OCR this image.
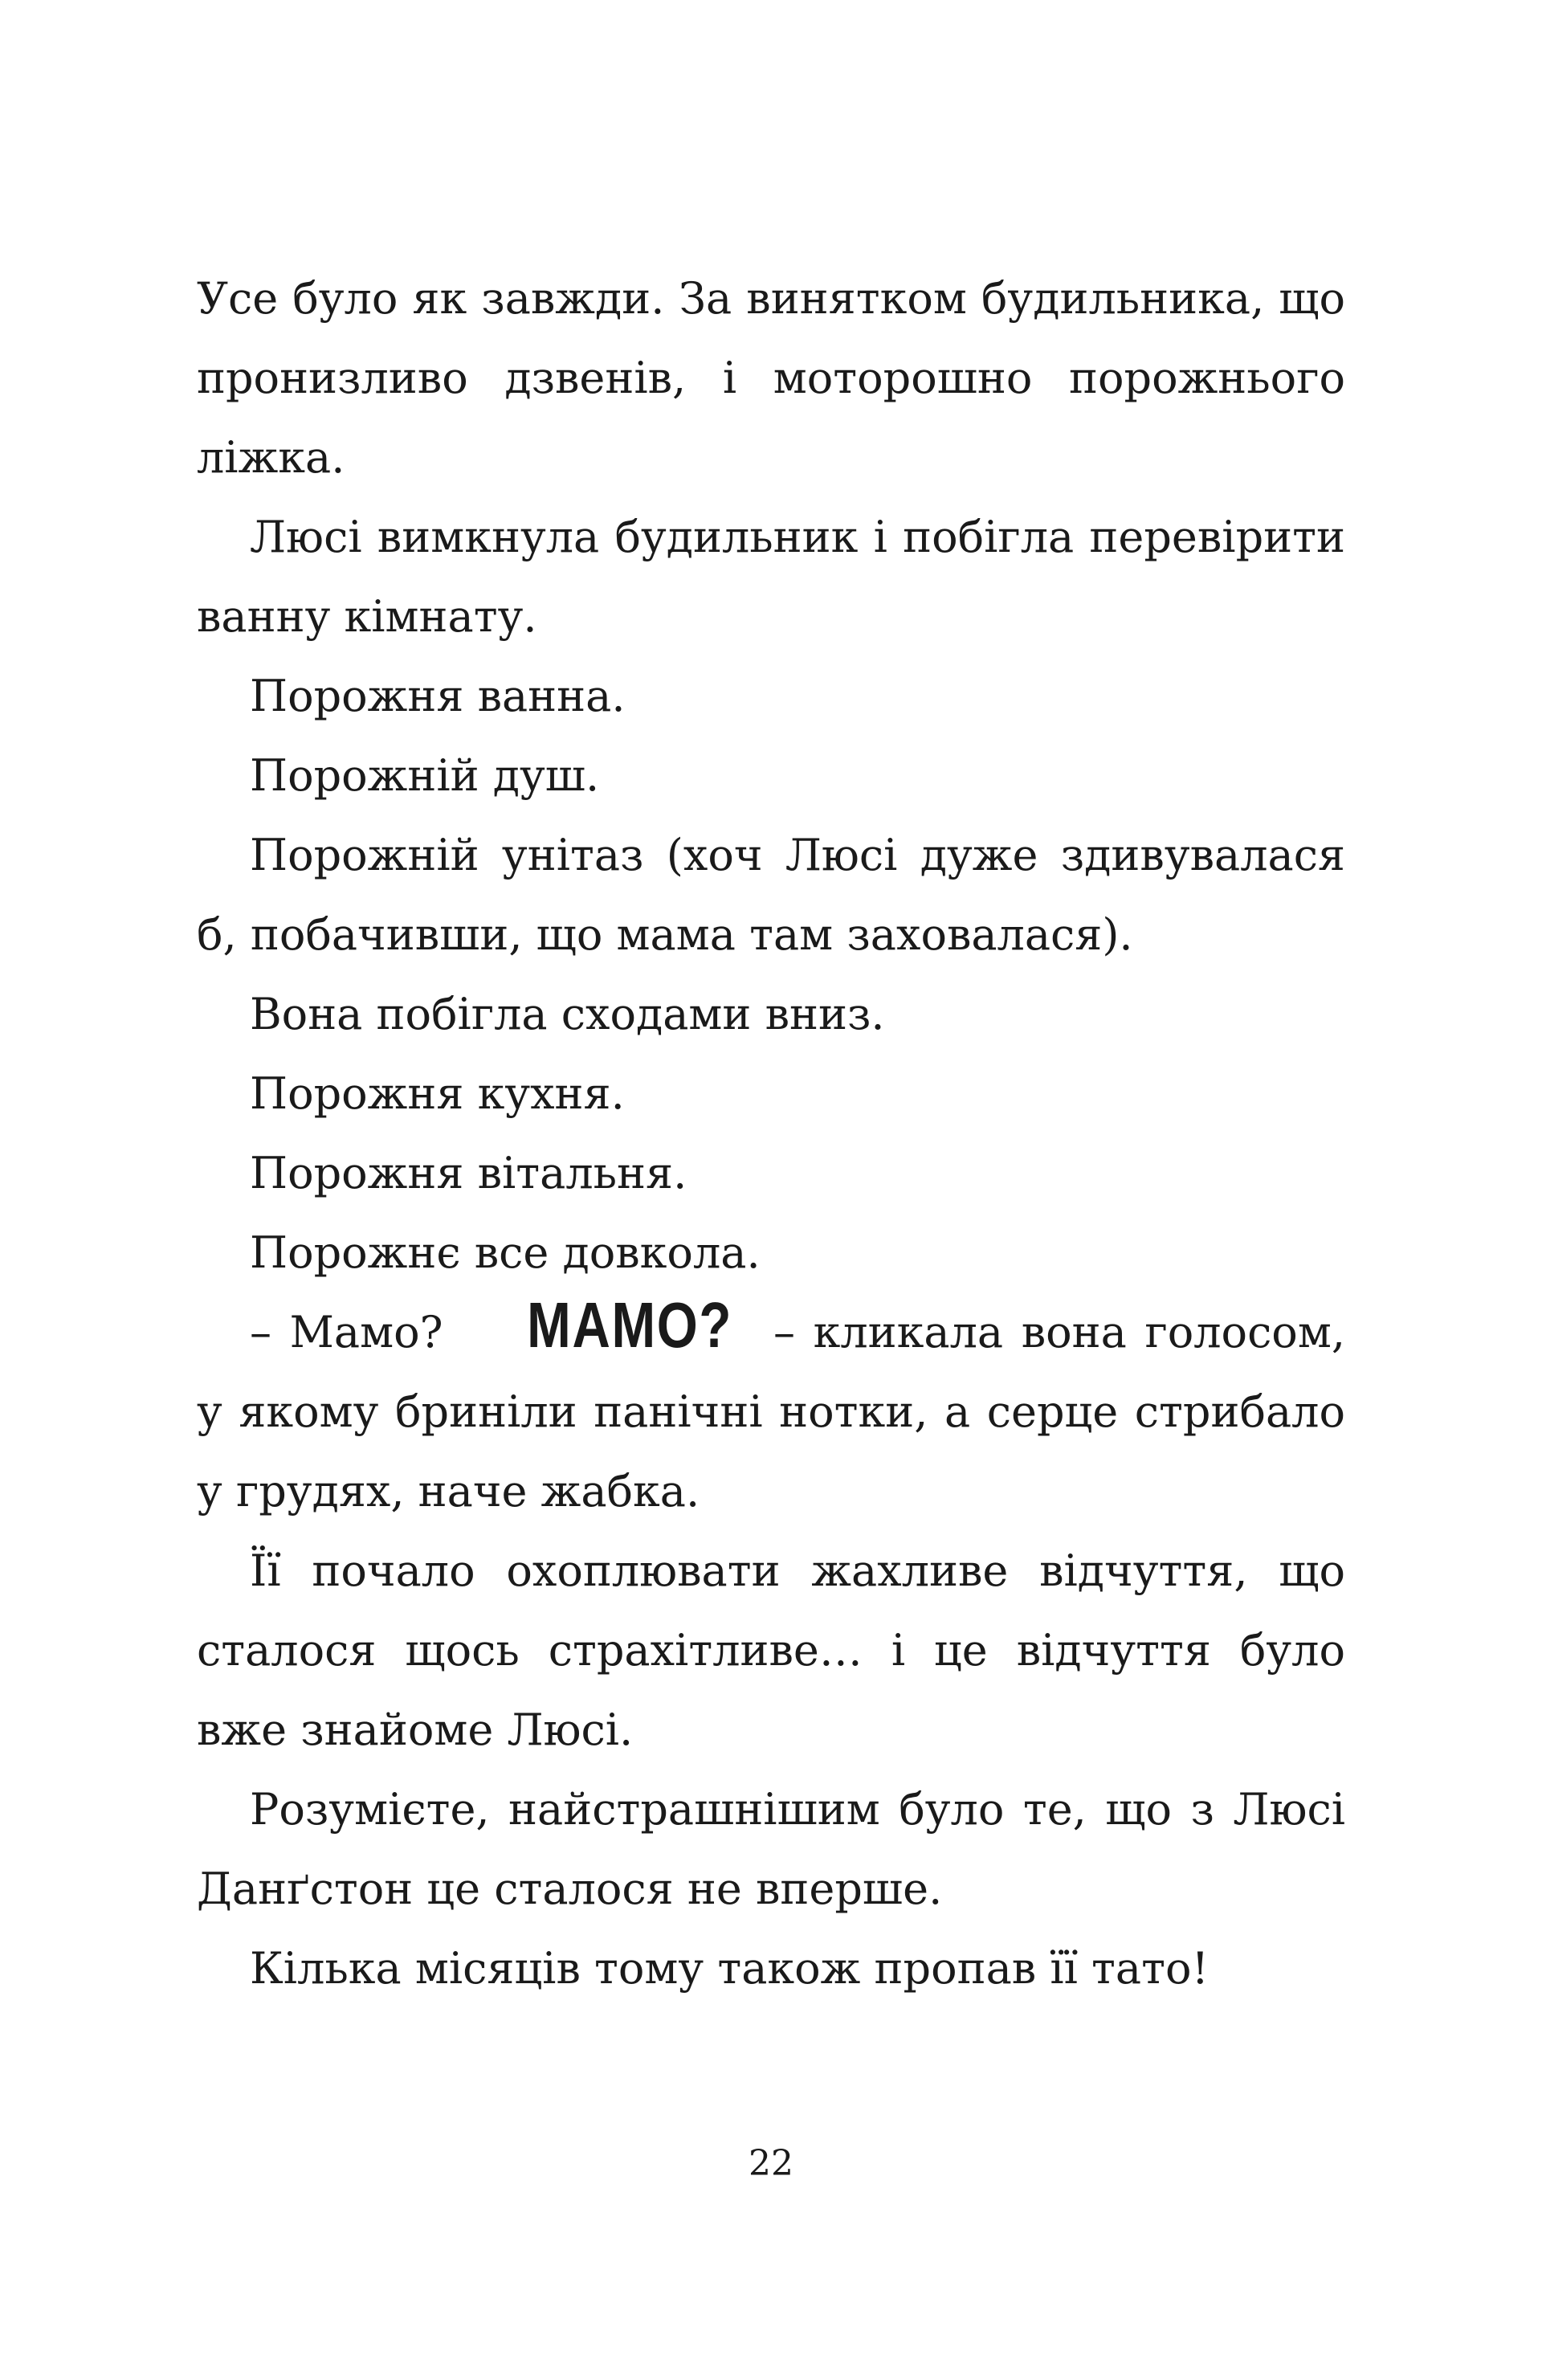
Усе було як завжди. За винятком будильника, що пронизливо дзвенів, і моторошно порожнього ліжка.

Люсі вимкнула будильник і побігла перевірити ванну кімнату.

Порожня ванна.

Порожній душ.

Порожній унітаз (хоч Люсі дуже здивувалася б, побачивши, що мама там заховалася).

Вона побігла сходами вниз.

Порожня кухня.

Порожня вітальня.

Порожнє все довкола.

– Мамо? МАМО? – кликала вона голосом, у якому бриніли панічні нотки, а серце стрибало у грудях, наче жабка.

Її почало охоплювати жахливе відчуття, що сталося щось страхітливе… і це відчуття було вже знайоме Люсі.

Розумієте, найстрашнішим було те, що з Люсі Данґстон це сталося не вперше.

Кілька місяців тому також пропав її тато!

22
